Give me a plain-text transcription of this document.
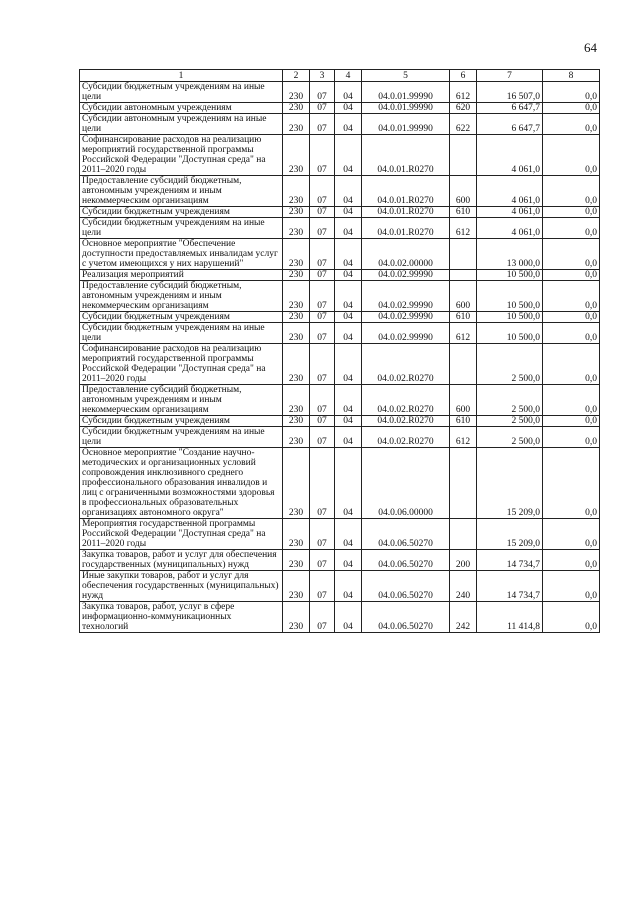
64
1	2	3	4	5	6	7	8
Субсидии бюджетным учреждениям на иные цели	230	07	04	04.0.01.99990	612	16 507,0	0,0
Субсидии автономным учреждениям	230	07	04	04.0.01.99990	620	6 647,7	0,0
Субсидии автономным учреждениям на иные цели	230	07	04	04.0.01.99990	622	6 647,7	0,0
Софинансирование расходов на реализацию мероприятий государственной программы Российской Федерации "Доступная среда" на 2011–2020 годы	230	07	04	04.0.01.R0270		4 061,0	0,0
Предоставление субсидий бюджетным, автономным учреждениям и иным некоммерческим организациям	230	07	04	04.0.01.R0270	600	4 061,0	0,0
Субсидии бюджетным учреждениям	230	07	04	04.0.01.R0270	610	4 061,0	0,0
Субсидии бюджетным учреждениям на иные цели	230	07	04	04.0.01.R0270	612	4 061,0	0,0
Основное мероприятие "Обеспечение доступности предоставляемых инвалидам услуг с учетом имеющихся у них нарушений"	230	07	04	04.0.02.00000		13 000,0	0,0
Реализация мероприятий	230	07	04	04.0.02.99990		10 500,0	0,0
Предоставление субсидий бюджетным, автономным учреждениям и иным некоммерческим организациям	230	07	04	04.0.02.99990	600	10 500,0	0,0
Субсидии бюджетным учреждениям	230	07	04	04.0.02.99990	610	10 500,0	0,0
Субсидии бюджетным учреждениям на иные цели	230	07	04	04.0.02.99990	612	10 500,0	0,0
Софинансирование расходов на реализацию мероприятий государственной программы Российской Федерации "Доступная среда" на 2011–2020 годы	230	07	04	04.0.02.R0270		2 500,0	0,0
Предоставление субсидий бюджетным, автономным учреждениям и иным некоммерческим организациям	230	07	04	04.0.02.R0270	600	2 500,0	0,0
Субсидии бюджетным учреждениям	230	07	04	04.0.02.R0270	610	2 500,0	0,0
Субсидии бюджетным учреждениям на иные цели	230	07	04	04.0.02.R0270	612	2 500,0	0,0
Основное мероприятие "Создание научно-методических и организационных условий сопровождения инклюзивного среднего профессионального образования инвалидов и лиц с ограниченными возможностями здоровья в профессиональных образовательных организациях автономного округа"	230	07	04	04.0.06.00000		15 209,0	0,0
Мероприятия государственной программы Российской Федерации "Доступная среда" на 2011–2020 годы	230	07	04	04.0.06.50270		15 209,0	0,0
Закупка товаров, работ и услуг для обеспечения государственных (муниципальных) нужд	230	07	04	04.0.06.50270	200	14 734,7	0,0
Иные закупки товаров, работ и услуг для обеспечения государственных (муниципальных) нужд	230	07	04	04.0.06.50270	240	14 734,7	0,0
Закупка товаров, работ, услуг в сфере информационно-коммуникационных технологий	230	07	04	04.0.06.50270	242	11 414,8	0,0
